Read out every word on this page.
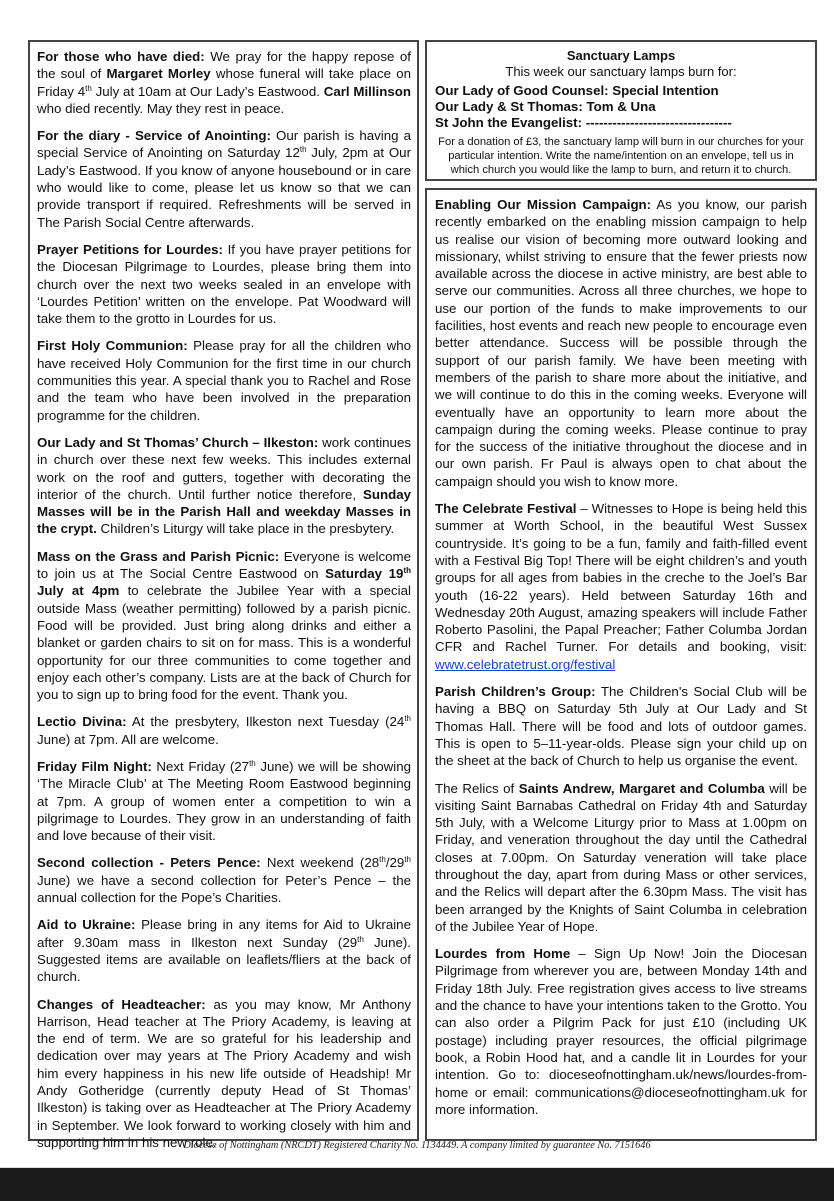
For those who have died: We pray for the happy repose of the soul of Margaret Morley whose funeral will take place on Friday 4th July at 10am at Our Lady’s Eastwood. Carl Millinson who died recently. May they rest in peace.

For the diary - Service of Anointing: Our parish is having a special Service of Anointing on Saturday 12th July, 2pm at Our Lady’s Eastwood. If you know of anyone housebound or in care who would like to come, please let us know so that we can provide transport if required. Refreshments will be served in The Parish Social Centre afterwards.

Prayer Petitions for Lourdes: If you have prayer petitions for the Diocesan Pilgrimage to Lourdes, please bring them into church over the next two weeks sealed in an envelope with ‘Lourdes Petition’ written on the envelope. Pat Woodward will take them to the grotto in Lourdes for us.

First Holy Communion: Please pray for all the children who have received Holy Communion for the first time in our church communities this year. A special thank you to Rachel and Rose and the team who have been involved in the preparation programme for the children.

Our Lady and St Thomas’ Church – Ilkeston: work continues in church over these next few weeks. This includes external work on the roof and gutters, together with decorating the interior of the church. Until further notice therefore, Sunday Masses will be in the Parish Hall and weekday Masses in the crypt. Children’s Liturgy will take place in the presbytery.

Mass on the Grass and Parish Picnic: Everyone is welcome to join us at The Social Centre Eastwood on Saturday 19th July at 4pm to celebrate the Jubilee Year with a special outside Mass (weather permitting) followed by a parish picnic. Food will be provided. Just bring along drinks and either a blanket or garden chairs to sit on for mass. This is a wonderful opportunity for our three communities to come together and enjoy each other’s company. Lists are at the back of Church for you to sign up to bring food for the event. Thank you.

Lectio Divina: At the presbytery, Ilkeston next Tuesday (24th June) at 7pm. All are welcome.

Friday Film Night: Next Friday (27th June) we will be showing ‘The Miracle Club’ at The Meeting Room Eastwood beginning at 7pm. A group of women enter a competition to win a pilgrimage to Lourdes. They grow in an understanding of faith and love because of their visit.

Second collection - Peters Pence: Next weekend (28th/29th June) we have a second collection for Peter’s Pence – the annual collection for the Pope’s Charities.

Aid to Ukraine: Please bring in any items for Aid to Ukraine after 9.30am mass in Ilkeston next Sunday (29th June). Suggested items are available on leaflets/fliers at the back of church.

Changes of Headteacher: as you may know, Mr Anthony Harrison, Head teacher at The Priory Academy, is leaving at the end of term. We are so grateful for his leadership and dedication over may years at The Priory Academy and wish him every happiness in his new life outside of Headship! Mr Andy Gotheridge (currently deputy Head of St Thomas’ Ilkeston) is taking over as Headteacher at The Priory Academy in September. We look forward to working closely with him and supporting him in his new role.

Sanctuary Lamps
This week our sanctuary lamps burn for:
Our Lady of Good Counsel: Special Intention
Our Lady & St Thomas: Tom & Una
St John the Evangelist: ---------------------------------
For a donation of £3, the sanctuary lamp will burn in our churches for your particular intention. Write the name/intention on an envelope, tell us in which church you would like the lamp to burn, and return it to church.

Enabling Our Mission Campaign: As you know, our parish recently embarked on the enabling mission campaign to help us realise our vision of becoming more outward looking and missionary, whilst striving to ensure that the fewer priests now available across the diocese in active ministry, are best able to serve our communities. Across all three churches, we hope to use our portion of the funds to make improvements to our facilities, host events and reach new people to encourage even better attendance. Success will be possible through the support of our parish family. We have been meeting with members of the parish to share more about the initiative, and we will continue to do this in the coming weeks. Everyone will eventually have an opportunity to learn more about the campaign during the coming weeks. Please continue to pray for the success of the initiative throughout the diocese and in our own parish. Fr Paul is always open to chat about the campaign should you wish to know more.

The Celebrate Festival – Witnesses to Hope is being held this summer at Worth School, in the beautiful West Sussex countryside. It’s going to be a fun, family and faith-filled event with a Festival Big Top! There will be eight children’s and youth groups for all ages from babies in the creche to the Joel’s Bar youth (16-22 years). Held between Saturday 16th and Wednesday 20th August, amazing speakers will include Father Roberto Pasolini, the Papal Preacher; Father Columba Jordan CFR and Rachel Turner. For details and booking, visit: www.celebratetrust.org/festival

Parish Children’s Group: The Children's Social Club will be having a BBQ on Saturday 5th July at Our Lady and St Thomas Hall. There will be food and lots of outdoor games. This is open to 5–11-year-olds. Please sign your child up on the sheet at the back of Church to help us organise the event.

The Relics of Saints Andrew, Margaret and Columba will be visiting Saint Barnabas Cathedral on Friday 4th and Saturday 5th July, with a Welcome Liturgy prior to Mass at 1.00pm on Friday, and veneration throughout the day until the Cathedral closes at 7.00pm. On Saturday veneration will take place throughout the day, apart from during Mass or other services, and the Relics will depart after the 6.30pm Mass. The visit has been arranged by the Knights of Saint Columba in celebration of the Jubilee Year of Hope.

Lourdes from Home – Sign Up Now! Join the Diocesan Pilgrimage from wherever you are, between Monday 14th and Friday 18th July. Free registration gives access to live streams and the chance to have your intentions taken to the Grotto. You can also order a Pilgrim Pack for just £10 (including UK postage) including prayer resources, the official pilgrimage book, a Robin Hood hat, and a candle lit in Lourdes for your intention. Go to: dioceseofnottingham.uk/news/lourdes-from-home or email: communications@dioceseofnottingham.uk for more information.

Diocese of Nottingham (NRCDT) Registered Charity No. 1134449. A company limited by guarantee No. 7151646
